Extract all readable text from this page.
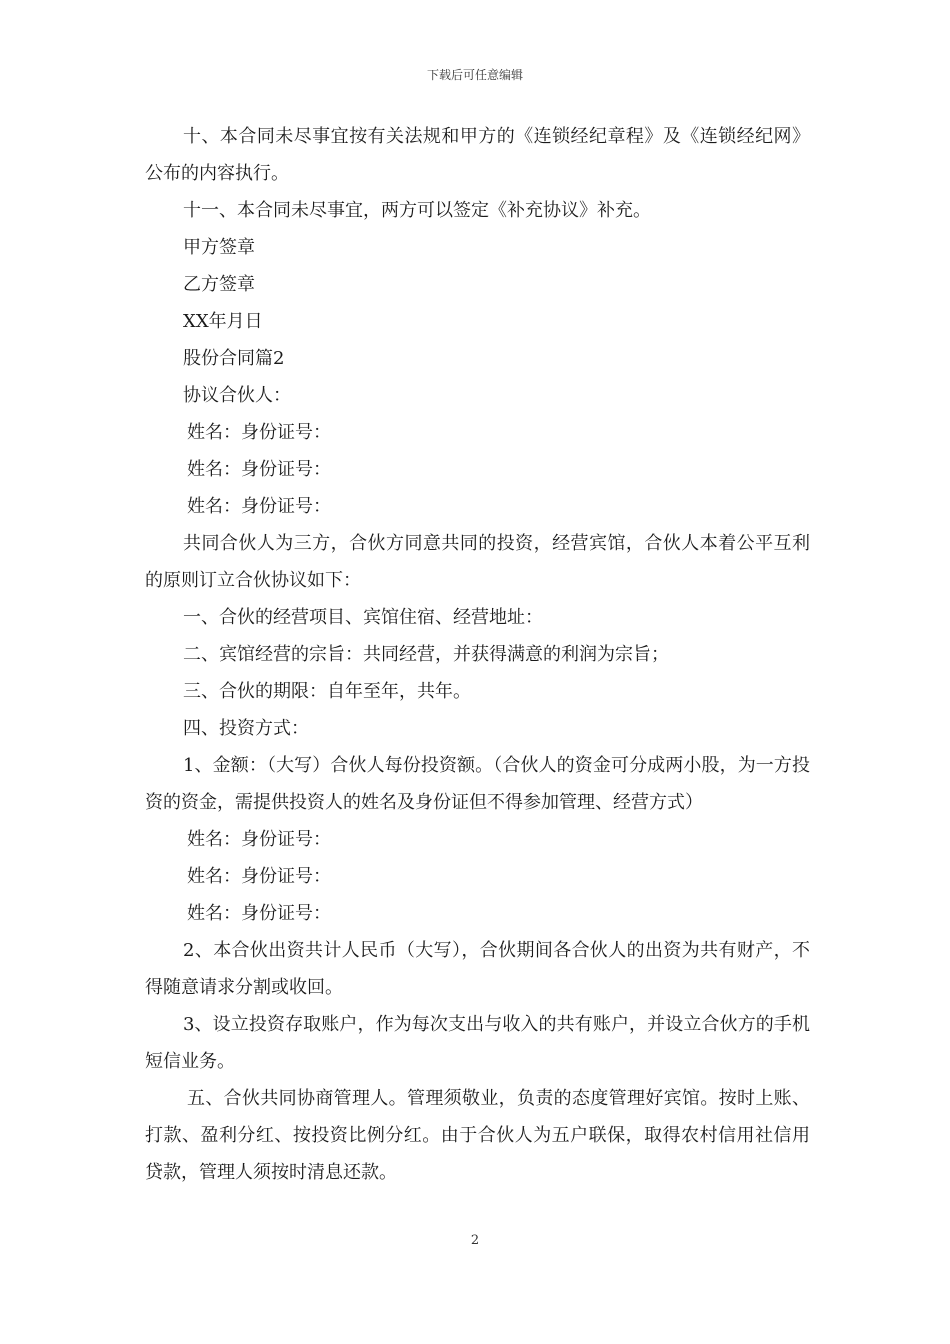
下载后可任意编辑

十、本合同未尽事宜按有关法规和甲方的《连锁经纪章程》及《连锁经纪网》公布的内容执行。

十一、本合同未尽事宜，两方可以签定《补充协议》补充。

甲方签章

乙方签章

XX年月日

股份合同篇2

协议合伙人：

姓名：身份证号：

姓名：身份证号：

姓名：身份证号：

共同合伙人为三方，合伙方同意共同的投资，经营宾馆，合伙人本着公平互利的原则订立合伙协议如下：

一、合伙的经营项目、宾馆住宿、经营地址：

二、宾馆经营的宗旨：共同经营，并获得满意的利润为宗旨；

三、合伙的期限：自年至年，共年。

四、投资方式：

1、金额：（大写）合伙人每份投资额。（合伙人的资金可分成两小股，为一方投资的资金，需提供投资人的姓名及身份证但不得参加管理、经营方式）

姓名：身份证号：

姓名：身份证号：

姓名：身份证号：

2、本合伙出资共计人民币（大写），合伙期间各合伙人的出资为共有财产，不得随意请求分割或收回。

3、设立投资存取账户，作为每次支出与收入的共有账户，并设立合伙方的手机短信业务。

五、合伙共同协商管理人。管理须敬业，负责的态度管理好宾馆。按时上账、打款、盈利分红、按投资比例分红。由于合伙人为五户联保，取得农村信用社信用贷款，管理人须按时清息还款。

2
